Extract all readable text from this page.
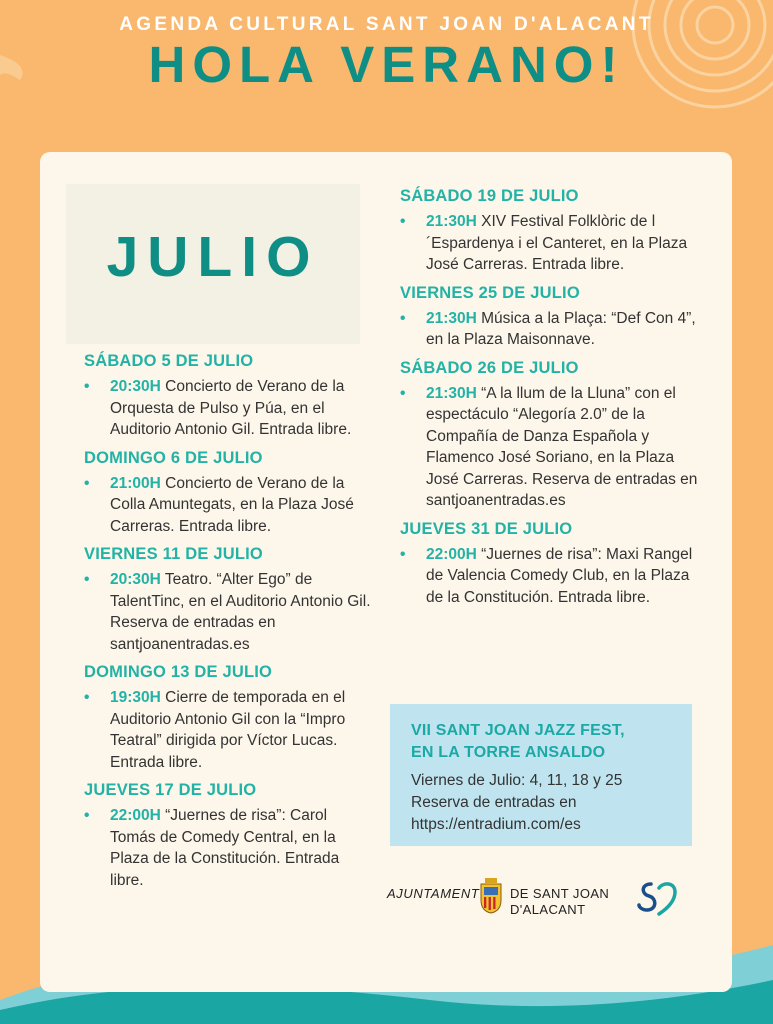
AGENDA CULTURAL SANT JOAN D'ALACANT
HOLA VERANO!
JULIO

SÁBADO 5 DE JULIO

• 20:30H Concierto de Verano de la Orquesta de Pulso y Púa, en el Auditorio Antonio Gil. Entrada libre.

DOMINGO 6 DE JULIO

• 21:00H Concierto de Verano de la Colla Amuntegats, en la Plaza José Carreras. Entrada libre.

VIERNES 11 DE JULIO

• 20:30H Teatro. “Alter Ego” de TalentTinc, en el Auditorio Antonio Gil. Reserva de entradas en santjoanentradas.es

DOMINGO 13 DE JULIO

• 19:30H Cierre de temporada en el Auditorio Antonio Gil con la “Impro Teatral” dirigida por Víctor Lucas. Entrada libre.

JUEVES 17 DE JULIO

• 22:00H “Juernes de risa”: Carol Tomás de Comedy Central, en la Plaza de la Constitución. Entrada libre.

SÁBADO 19 DE JULIO

• 21:30H XIV Festival Folklòric de l´Espardenya i el Canteret, en la Plaza José Carreras. Entrada libre.

VIERNES 25 DE JULIO

• 21:30H Música a la Plaça: “Def Con 4”, en la Plaza Maisonnave.

SÁBADO 26 DE JULIO

• 21:30H “A la llum de la Lluna” con el espectáculo “Alegoría 2.0” de la Compañía de Danza Española y Flamenco José Soriano, en la Plaza José Carreras. Reserva de entradas en santjoanentradas.es

JUEVES 31 DE JULIO

• 22:00H “Juernes de risa”: Maxi Rangel de Valencia Comedy Club, en la Plaza de la Constitución. Entrada libre.
VII SANT JOAN JAZZ FEST,
EN LA TORRE ANSALDO
Viernes de Julio: 4, 11, 18 y 25
Reserva de entradas en
https://entradium.com/es
AJUNTAMENT DE SANT JOAN
D'ALACANT
